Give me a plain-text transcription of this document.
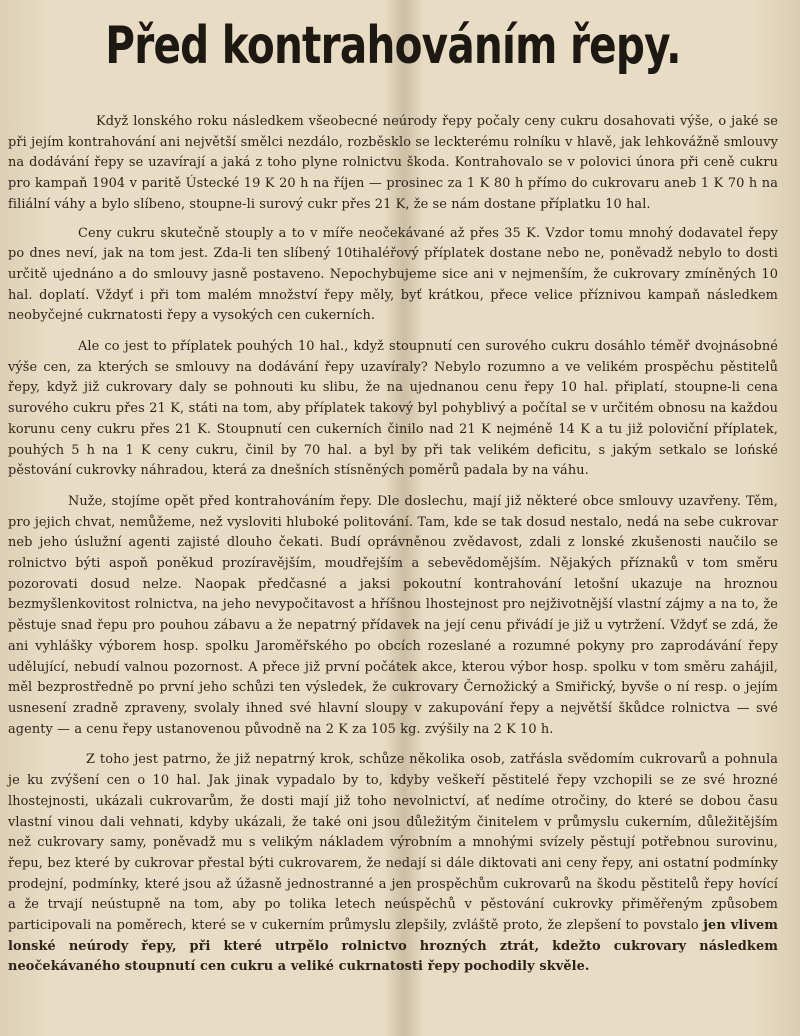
Před kontrahováním řepy.

Když lonského roku následkem všeobecné neúrody řepy počaly ceny cukru dosahovati výše, o jaké se při jejím kontrahování ani největší smělci nezdálo, rozběsklo se leckterému rolníku v hlavě, jak lehkovážně smlouvy na dodávání řepy se uzavírají a jaká z toho plyne rolnictvu škoda. Kontrahovalo se v polovici února při ceně cukru pro kampaň 1904 v paritě Ústecké 19 K 20 h na říjen — prosinec za 1 K 80 h přímo do cukrovaru aneb 1 K 70 h na filiální váhy a bylo slíbeno, stoupne-li surový cukr přes 21 K, že se nám dostane příplatku 10 hal.

Ceny cukru skutečně stouply a to v míře neočekávané až přes 35 K. Vzdor tomu mnohý dodavatel řepy po dnes neví, jak na tom jest. Zda-li ten slíbený 10tihaléřový příplatek dostane nebo ne, poněvadž nebylo to dosti určitě ujednáno a do smlouvy jasně postaveno. Nepochybujeme sice ani v nejmenším, že cukrovary zmíněných 10 hal. doplatí. Vždyť i při tom malém množství řepy měly, byť krátkou, přece velice příznivou kampaň následkem neobyčejné cukrnatosti řepy a vysokých cen cukerních.

Ale co jest to příplatek pouhých 10 hal., když stoupnutí cen surového cukru dosáhlo téměř dvojnásobné výše cen, za kterých se smlouvy na dodávání řepy uzavíraly? Nebylo rozumno a ve velikém prospěchu pěstitelů řepy, když již cukrovary daly se pohnouti ku slibu, že na ujednanou cenu řepy 10 hal. připlatí, stoupne-li cena surového cukru přes 21 K, státi na tom, aby příplatek takový byl pohyblivý a počítal se v určitém obnosu na každou korunu ceny cukru přes 21 K. Stoupnutí cen cukerních činilo nad 21 K nejméně 14 K a tu již poloviční příplatek, pouhých 5 h na 1 K ceny cukru, činil by 70 hal. a byl by při tak velikém deficitu, s jakým setkalo se lońské pěstování cukrovky náhradou, která za dnešních stísněných poměrů padala by na váhu.

Nuže, stojíme opět před kontrahováním řepy. Dle doslechu, mají již některé obce smlouvy uzavřeny. Těm, pro jejich chvat, nemůžeme, než vysloviti hluboké politování. Tam, kde se tak dosud nestalo, nedá na sebe cukrovar neb jeho úslužní agenti zajisté dlouho čekati. Budí oprávněnou zvědavost, zdali z lonské zkušenosti naučilo se rolnictvo býti aspoň poněkud prozíravějším, moudřejším a sebevědomějším. Nějakých příznaků v tom směru pozorovati dosud nelze. Naopak předčasné a jaksi pokoutní kontrahování letošní ukazuje na hroznou bezmyšlenkovitost rolnictva, na jeho nevypočitavost a hříšnou lhostejnost pro nejživotnější vlastní zájmy a na to, že pěstuje snad řepu pro pouhou zábavu a že nepatrný přídavek na její cenu přivádí je již u vytržení. Vždyť se zdá, že ani vyhlášky výborem hosp. spolku Jaroměřského po obcích rozeslané a rozumné pokyny pro zaprodávání řepy udělující, nebudí valnou pozornost. A přece již první počátek akce, kterou výbor hosp. spolku v tom směru zahájil, měl bezprostředně po první jeho schůzi ten výsledek, že cukrovary Černožický a Smiřický, byvše o ní resp. o jejím usnesení zradně zpraveny, svolaly ihned své hlavní sloupy v zakupování řepy a největší škůdce rolnictva — své agenty — a cenu řepy ustanovenou původně na 2 K za 105 kg. zvýšily na 2 K 10 h.

Z toho jest patrno, že již nepatrný krok, schůze několika osob, zatřásla svědomím cukrovarů a pohnula je ku zvýšení cen o 10 hal. Jak jinak vypadalo by to, kdyby veškeří pěstitelé řepy vzchopili se ze své hrozné lhostejnosti, ukázali cukrovarům, že dosti mají již toho nevolnictví, ať nedíme otročiny, do které se dobou času vlastní vinou dali vehnati, kdyby ukázali, že také oni jsou důležitým činitelem v průmyslu cukerním, důležitějším než cukrovary samy, poněvadž mu s velikým nákladem výrobním a mnohými svízely pěstují potřebnou surovinu, řepu, bez které by cukrovar přestal býti cukrovarem, že nedají si dále diktovati ani ceny řepy, ani ostatní podmínky prodejní, podmínky, které jsou až úžasně jednostranné a jen prospěchům cukrovarů na škodu pěstitelů řepy hovící a že trvají neústupně na tom, aby po tolika letech neúspěchů v pěstování cukrovky přiměřeným způsobem participovali na poměrech, které se v cukerním průmyslu zlepšily, zvláště proto, že zlepšení to povstalo jen vlivem lonské neúrody řepy, při které utrpělo rolnictvo hrozných ztrát, kdežto cukrovary následkem neočekávaného stoupnutí cen cukru a veliké cukrnatosti řepy pochodily skvěle.
